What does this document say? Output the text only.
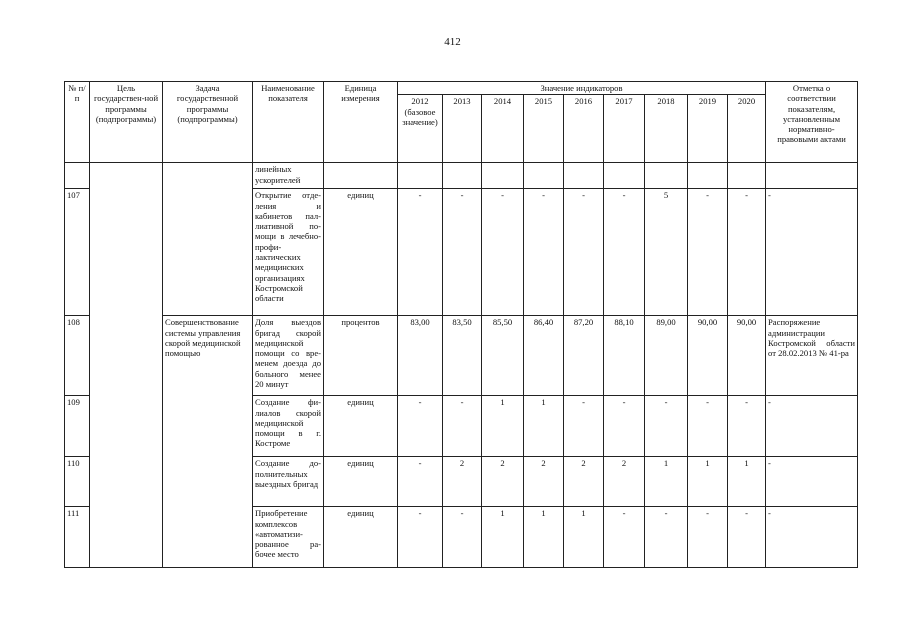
412
№ п/п	Цель государствен-ной программы (подпрограммы)	Задача государственной программы (подпрограммы)	Наименование показателя	Единица измерения	Значение индикаторов									Отметка о соответствии показателям, установленным нормативно-правовыми актами
					2012 (базовое значение)	2013	2014	2015	2016	2017	2018	2019	2020	
			линейных ускорителей											
107			Открытие отде-ления и кабинетов пал-лиативной по-мощи в лечебно-профи-лактических медицинских организациях Костромской области	единиц	-	-	-	-	-	-	5	-	-	-
108		Совершенствование системы управления скорой медицинской помощью	Доля выездов бригад скорой медицинской помощи со вре-менем доезда до больного менее 20 минут	процентов	83,00	83,50	85,50	86,40	87,20	88,10	89,00	90,00	90,00	Распоряжение администрации Костромской области от 28.02.2013 № 41-ра
109			Создание фи-лиалов скорой медицинской помощи в г. Костроме	единиц	-	-	1	1	-	-	-	-	-	-
110			Создание до-полнительных выездных бригад	единиц	-	2	2	2	2	2	1	1	1	-
111			Приобретение комплексов «автоматизи-рованное ра-бочее место	единиц	-	-	1	1	1	-	-	-	-	-
